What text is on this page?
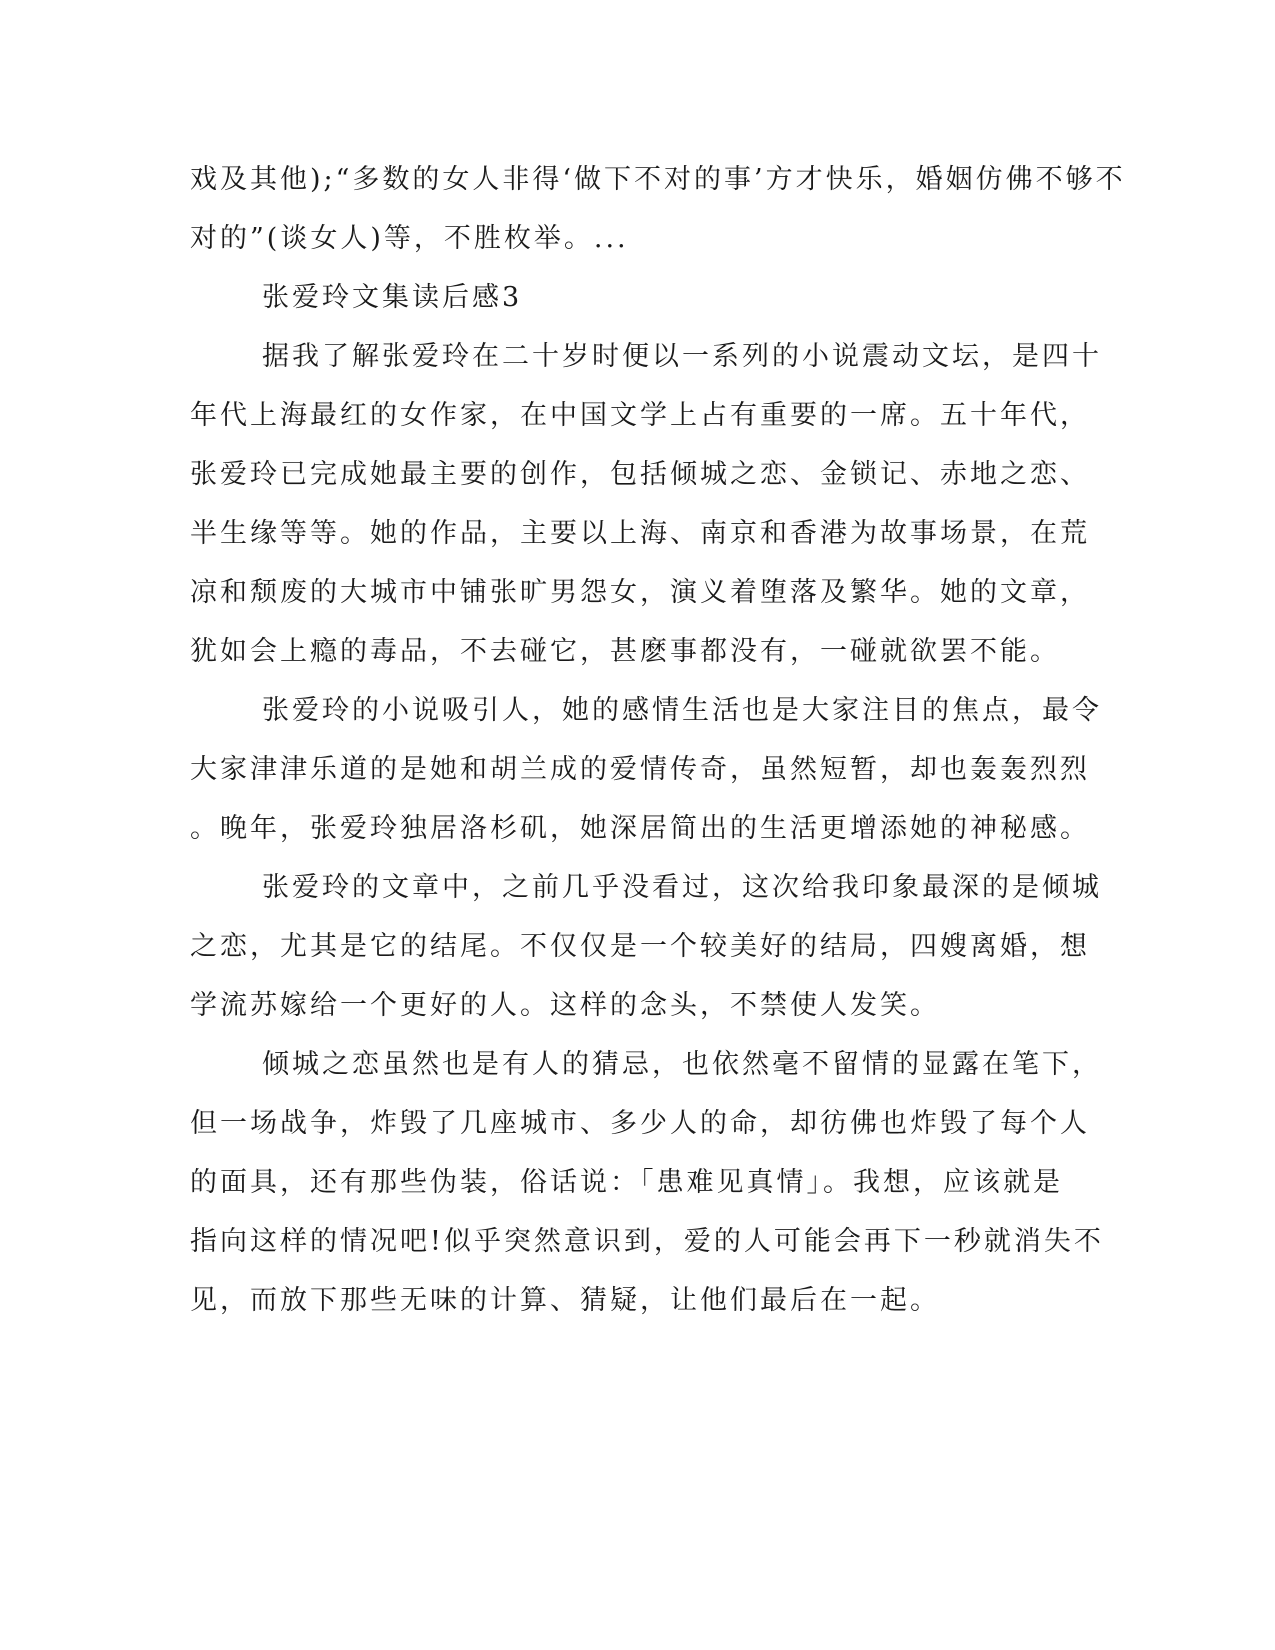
戏及其他);“多数的女人非得‘做下不对的事’方才快乐，婚姻仿佛不够不
对的”(谈女人)等，不胜枚举。...
张爱玲文集读后感3
据我了解张爱玲在二十岁时便以一系列的小说震动文坛，是四十
年代上海最红的女作家，在中国文学上占有重要的一席。五十年代，
张爱玲已完成她最主要的创作，包括倾城之恋、金锁记、赤地之恋、
半生缘等等。她的作品，主要以上海、南京和香港为故事场景，在荒
凉和颓废的大城市中铺张旷男怨女，演义着堕落及繁华。她的文章，
犹如会上瘾的毒品，不去碰它，甚麽事都没有，一碰就欲罢不能。
张爱玲的小说吸引人，她的感情生活也是大家注目的焦点，最令
大家津津乐道的是她和胡兰成的爱情传奇，虽然短暂，却也轰轰烈烈
。晚年，张爱玲独居洛杉矶，她深居简出的生活更增添她的神秘感。
张爱玲的文章中，之前几乎没看过，这次给我印象最深的是倾城
之恋，尤其是它的结尾。不仅仅是一个较美好的结局，四嫂离婚，想
学流苏嫁给一个更好的人。这样的念头，不禁使人发笑。
倾城之恋虽然也是有人的猜忌，也依然毫不留情的显露在笔下，
但一场战争，炸毁了几座城市、多少人的命，却彷佛也炸毁了每个人
的面具，还有那些伪装，俗话说：「患难见真情」。我想，应该就是
指向这样的情况吧!似乎突然意识到，爱的人可能会再下一秒就消失不
见，而放下那些无味的计算、猜疑，让他们最后在一起。
